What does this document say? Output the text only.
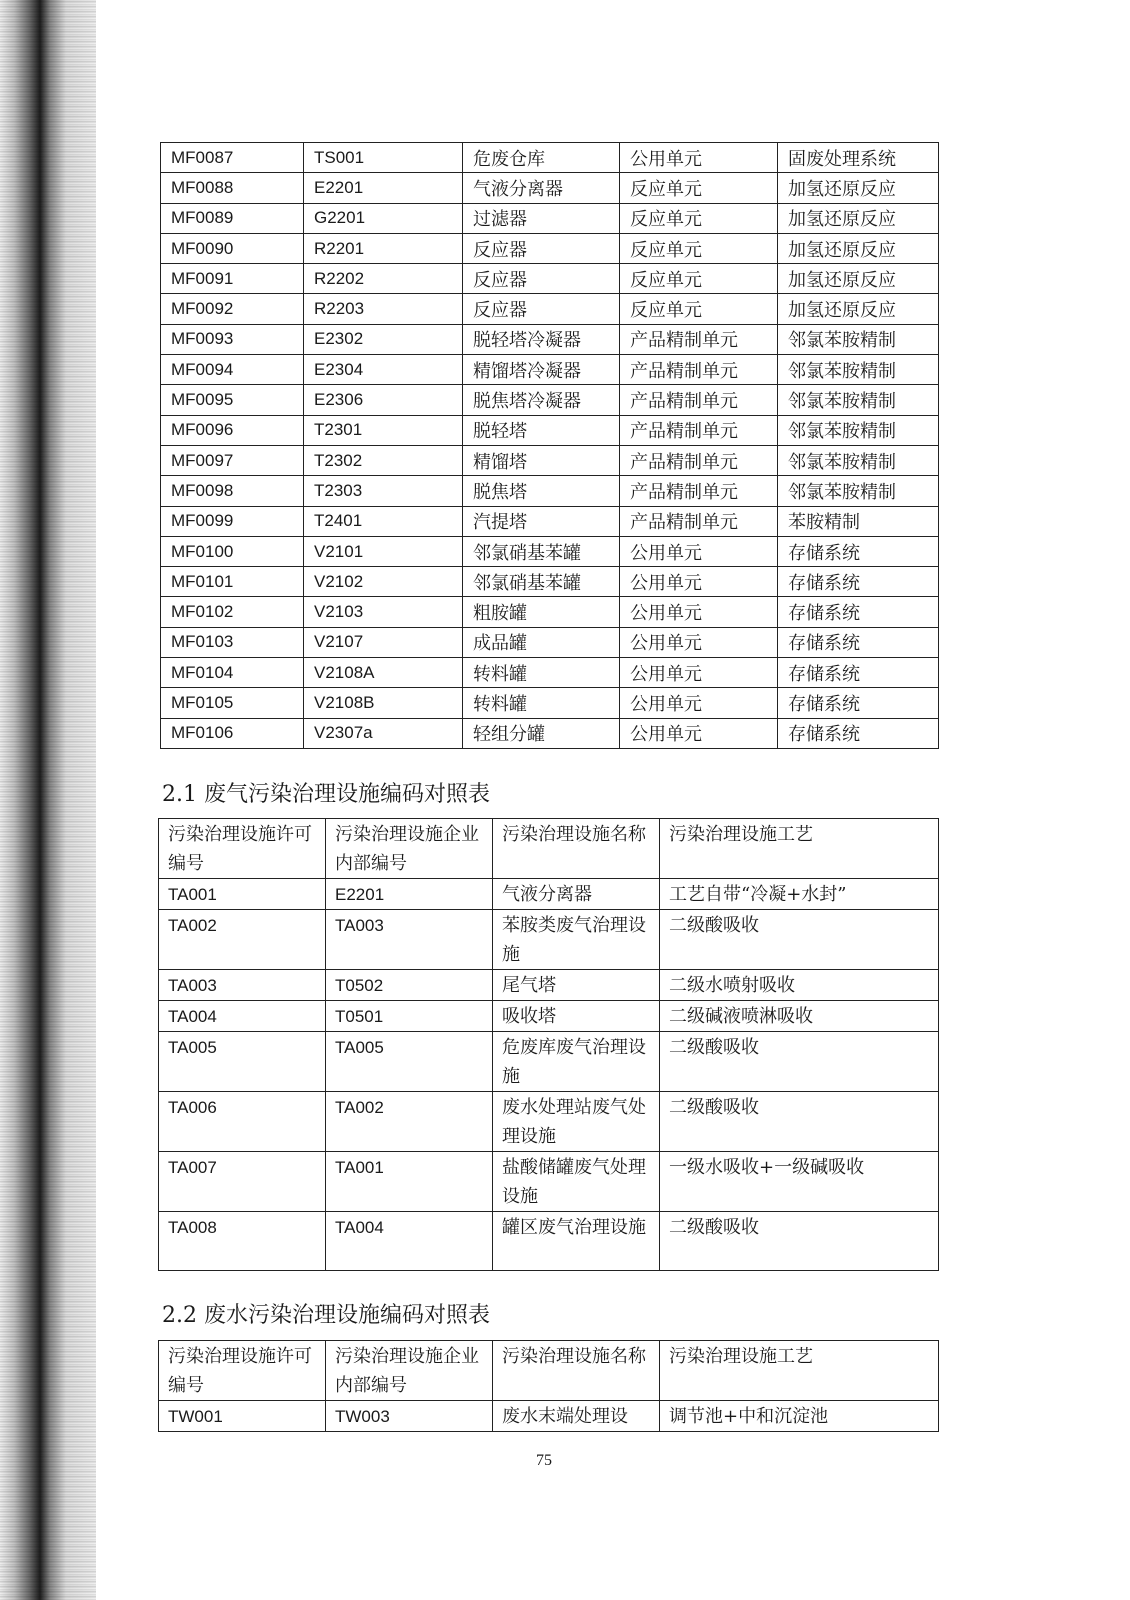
MF0087	TS001	危废仓库	公用单元	固废处理系统
MF0088	E2201	气液分离器	反应单元	加氢还原反应
MF0089	G2201	过滤器	反应单元	加氢还原反应
MF0090	R2201	反应器	反应单元	加氢还原反应
MF0091	R2202	反应器	反应单元	加氢还原反应
MF0092	R2203	反应器	反应单元	加氢还原反应
MF0093	E2302	脱轻塔冷凝器	产品精制单元	邻氯苯胺精制
MF0094	E2304	精馏塔冷凝器	产品精制单元	邻氯苯胺精制
MF0095	E2306	脱焦塔冷凝器	产品精制单元	邻氯苯胺精制
MF0096	T2301	脱轻塔	产品精制单元	邻氯苯胺精制
MF0097	T2302	精馏塔	产品精制单元	邻氯苯胺精制
MF0098	T2303	脱焦塔	产品精制单元	邻氯苯胺精制
MF0099	T2401	汽提塔	产品精制单元	苯胺精制
MF0100	V2101	邻氯硝基苯罐	公用单元	存储系统
MF0101	V2102	邻氯硝基苯罐	公用单元	存储系统
MF0102	V2103	粗胺罐	公用单元	存储系统
MF0103	V2107	成品罐	公用单元	存储系统
MF0104	V2108A	转料罐	公用单元	存储系统
MF0105	V2108B	转料罐	公用单元	存储系统
MF0106	V2307a	轻组分罐	公用单元	存储系统
2.1 废气污染治理设施编码对照表
污染治理设施许可编号	污染治理设施企业内部编号	污染治理设施名称	污染治理设施工艺
TA001	E2201	气液分离器	工艺自带“冷凝+水封”
TA002	TA003	苯胺类废气治理设施	二级酸吸收
TA003	T0502	尾气塔	二级水喷射吸收
TA004	T0501	吸收塔	二级碱液喷淋吸收
TA005	TA005	危废库废气治理设施	二级酸吸收
TA006	TA002	废水处理站废气处理设施	二级酸吸收
TA007	TA001	盐酸储罐废气处理设施	一级水吸收+一级碱吸收
TA008	TA004	罐区废气治理设施	二级酸吸收
2.2 废水污染治理设施编码对照表
污染治理设施许可编号	污染治理设施企业内部编号	污染治理设施名称	污染治理设施工艺
TW001	TW003	废水末端处理设	调节池+中和沉淀池
75
